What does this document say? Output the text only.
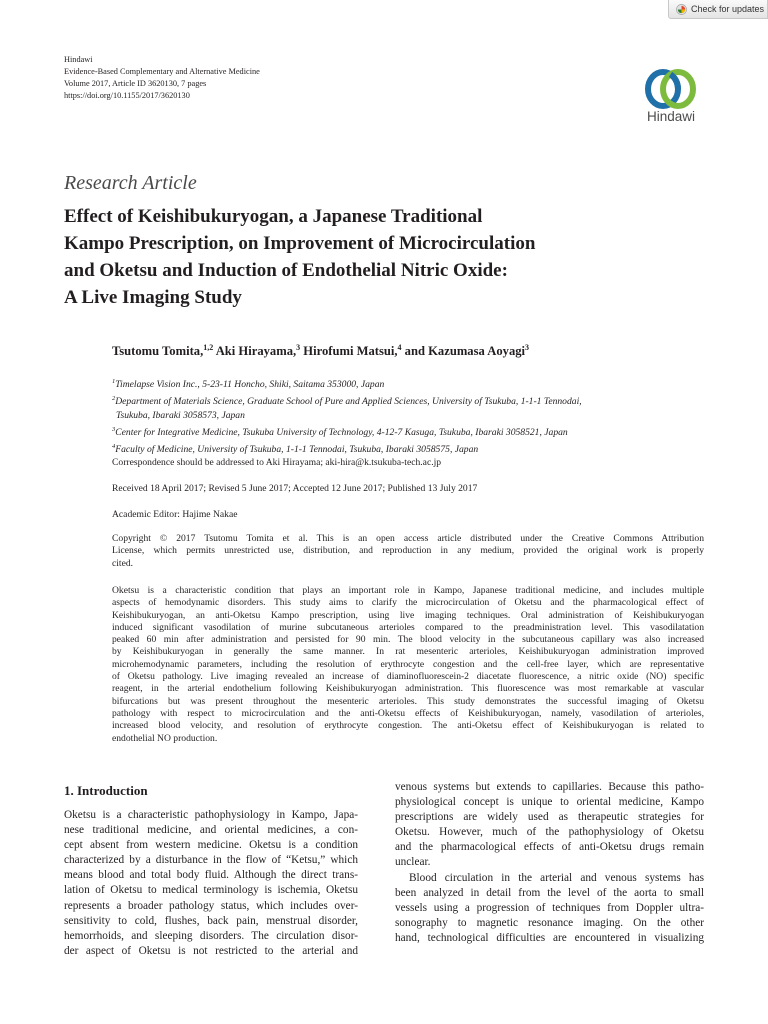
Check for updates
Hindawi
Evidence-Based Complementary and Alternative Medicine
Volume 2017, Article ID 3620130, 7 pages
https://doi.org/10.1155/2017/3620130
Hindawi
Research Article
Effect of Keishibukuryogan, a Japanese Traditional
Kampo Prescription, on Improvement of Microcirculation
and Oketsu and Induction of Endothelial Nitric Oxide:
A Live Imaging Study
Tsutomu Tomita,$^{1,2}$ Aki Hirayama,$^3$ Hirofumi Matsui,$^4$ and Kazumasa Aoyagi$^3$
$^1$Timelapse Vision Inc., 5-23-11 Honcho, Shiki, Saitama 353000, Japan
$^2$Department of Materials Science, Graduate School of Pure and Applied Sciences, University of Tsukuba, 1-1-1 Tennodai,
Tsukuba, Ibaraki 3058573, Japan
$^3$Center for Integrative Medicine, Tsukuba University of Technology, 4-12-7 Kasuga, Tsukuba, Ibaraki 3058521, Japan
$^4$Faculty of Medicine, University of Tsukuba, 1-1-1 Tennodai, Tsukuba, Ibaraki 3058575, Japan
Correspondence should be addressed to Aki Hirayama; aki-hira@k.tsukuba-tech.ac.jp
Received 18 April 2017; Revised 5 June 2017; Accepted 12 June 2017; Published 13 July 2017
Academic Editor: Hajime Nakae
Copyright © 2017 Tsutomu Tomita et al. This is an open access article distributed under the Creative Commons Attribution
License, which permits unrestricted use, distribution, and reproduction in any medium, provided the original work is properly
cited.
Oketsu is a characteristic condition that plays an important role in Kampo, Japanese traditional medicine, and includes multiple
aspects of hemodynamic disorders. This study aims to clarify the microcirculation of Oketsu and the pharmacological effect of
Keishibukuryogan, an anti-Oketsu Kampo prescription, using live imaging techniques. Oral administration of Keishibukuryogan
induced significant vasodilation of murine subcutaneous arterioles compared to the preadministration level. This vasodilatation
peaked 60 min after administration and persisted for 90 min. The blood velocity in the subcutaneous capillary was also increased
by Keishibukuryogan in generally the same manner. In rat mesenteric arterioles, Keishibukuryogan administration improved
microhemodynamic parameters, including the resolution of erythrocyte congestion and the cell-free layer, which are representative
of Oketsu pathology. Live imaging revealed an increase of diaminofluorescein-2 diacetate fluorescence, a nitric oxide (NO) specific
reagent, in the arterial endothelium following Keishibukuryogan administration. This fluorescence was most remarkable at vascular
bifurcations but was present throughout the mesenteric arterioles. This study demonstrates the successful imaging of Oketsu
pathology with respect to microcirculation and the anti-Oketsu effects of Keishibukuryogan, namely, vasodilation of arterioles,
increased blood velocity, and resolution of erythrocyte congestion. The anti-Oketsu effect of Keishibukuryogan is related to
endothelial NO production.
1. Introduction
Oketsu is a characteristic pathophysiology in Kampo, Japa-
nese traditional medicine, and oriental medicines, a con-
cept absent from western medicine. Oketsu is a condition
characterized by a disturbance in the flow of “Ketsu,” which
means blood and total body fluid. Although the direct trans-
lation of Oketsu to medical terminology is ischemia, Oketsu
represents a broader pathology status, which includes over-
sensitivity to cold, flushes, back pain, menstrual disorder,
hemorrhoids, and sleeping disorders. The circulation disor-
der aspect of Oketsu is not restricted to the arterial and
venous systems but extends to capillaries. Because this patho-
physiological concept is unique to oriental medicine, Kampo
prescriptions are widely used as therapeutic strategies for
Oketsu. However, much of the pathophysiology of Oketsu
and the pharmacological effects of anti-Oketsu drugs remain
unclear.
Blood circulation in the arterial and venous systems has
been analyzed in detail from the level of the aorta to small
vessels using a progression of techniques from Doppler ultra-
sonography to magnetic resonance imaging. On the other
hand, technological difficulties are encountered in visualizing
